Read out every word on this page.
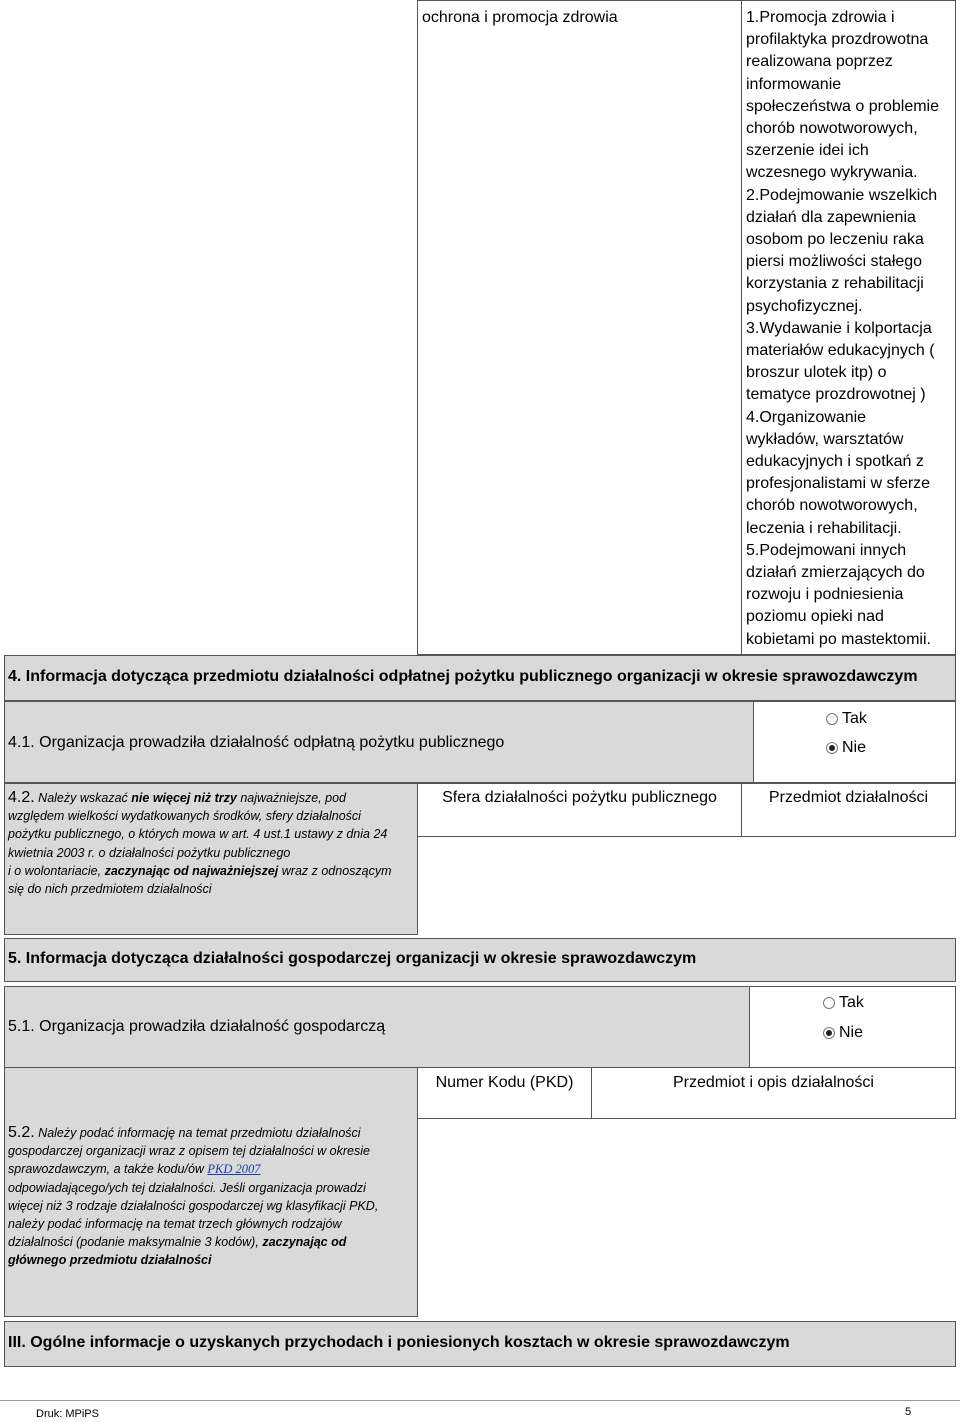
ochrona i promocja zdrowia	1.Promocja zdrowia i
profilaktyka prozdrowotna
realizowana poprzez
informowanie
społeczeństwa o problemie
chorób nowotworowych,
szerzenie idei ich
wczesnego wykrywania.
2.Podejmowanie wszelkich
działań dla zapewnienia
osobom po leczeniu raka
piersi możliwości stałego
korzystania z rehabilitacji
psychofizycznej.
3.Wydawanie i kolportacja
materiałów edukacyjnych (
broszur ulotek itp) o
tematyce prozdrowotnej )
4.Organizowanie
wykładów, warsztatów
edukacyjnych i spotkań z
profesjonalistami w sferze
chorób nowotworowych,
leczenia i rehabilitacji.
5.Podejmowani innych
działań zmierzających do
rozwoju i podniesienia
poziomu opieki nad
kobietami po mastektomii.
4. Informacja dotycząca przedmiotu działalności odpłatnej pożytku publicznego organizacji w okresie sprawozdawczym
4.1. Organizacja prowadziła działalność odpłatną pożytku publicznego
Tak
Nie
4.2. Należy wskazać nie więcej niż trzy najważniejsze, pod
względem wielkości wydatkowanych środków, sfery działalności
pożytku publicznego, o których mowa w art. 4 ust.1 ustawy z dnia 24
kwietnia 2003 r. o działalności pożytku publicznego
i o wolontariacie, zaczynając od najważniejszej wraz z odnoszącym
się do nich przedmiotem działalności
Sfera działalności pożytku publicznego	Przedmiot działalności
5. Informacja dotycząca działalności gospodarczej organizacji w okresie sprawozdawczym
5.1. Organizacja prowadziła działalność gospodarczą
Tak
Nie
Numer Kodu (PKD)	Przedmiot i opis działalności
5.2. Należy podać informację na temat przedmiotu działalności
gospodarczej organizacji wraz z opisem tej działalności w okresie
sprawozdawczym, a także kodu/ów PKD 2007
odpowiadającego/ych tej działalności. Jeśli organizacja prowadzi
więcej niż 3 rodzaje działalności gospodarczej wg klasyfikacji PKD,
należy podać informację na temat trzech głównych rodzajów
działalności (podanie maksymalnie 3 kodów), zaczynając od
głównego przedmiotu działalności
III. Ogólne informacje o uzyskanych przychodach i poniesionych kosztach w okresie sprawozdawczym
Druk: MPiPS	5
